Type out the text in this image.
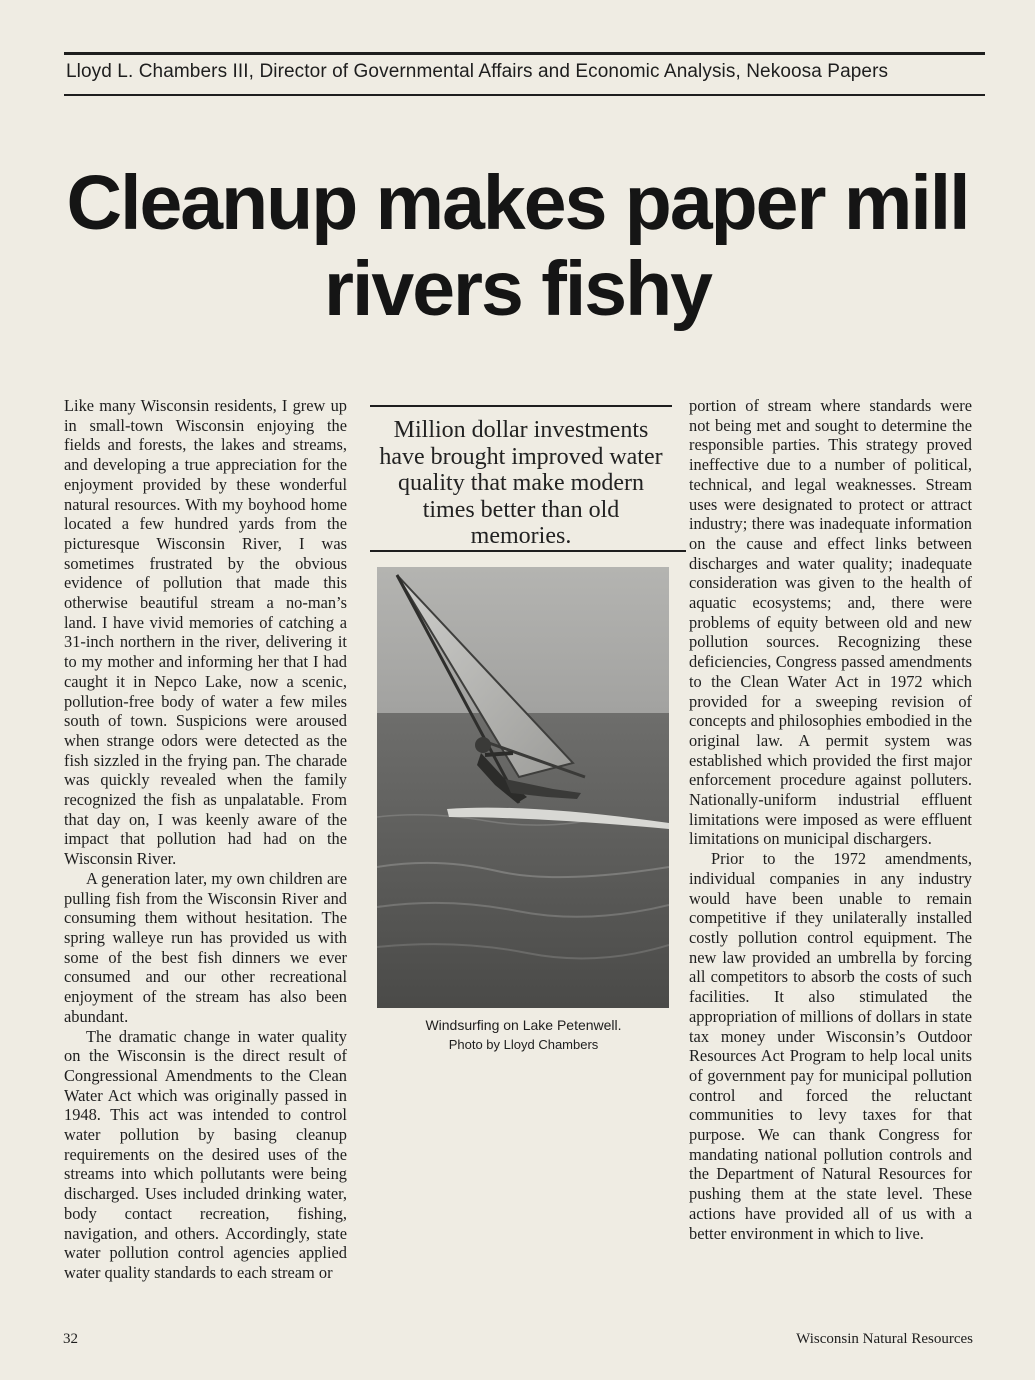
Lloyd L. Chambers III, Director of Governmental Affairs and Economic Analysis, Nekoosa Papers
Cleanup makes paper mill
rivers fishy

Like many Wisconsin residents, I grew up in small-town Wisconsin enjoying the fields and forests, the lakes and streams, and developing a true appreciation for the enjoyment provided by these wonderful natural resources. With my boyhood home located a few hundred yards from the picturesque Wisconsin River, I was sometimes frustrated by the obvious evidence of pollution that made this otherwise beautiful stream a no-man’s land. I have vivid memories of catching a 31-inch northern in the river, delivering it to my mother and informing her that I had caught it in Nepco Lake, now a scenic, pollution-free body of water a few miles south of town. Suspicions were aroused when strange odors were detected as the fish sizzled in the frying pan. The charade was quickly revealed when the family recognized the fish as unpalatable. From that day on, I was keenly aware of the impact that pollution had had on the Wisconsin River.

A generation later, my own children are pulling fish from the Wisconsin River and consuming them without hesitation. The spring walleye run has provided us with some of the best fish dinners we ever consumed and our other recreational enjoyment of the stream has also been abundant.

The dramatic change in water quality on the Wisconsin is the direct result of Congressional Amendments to the Clean Water Act which was originally passed in 1948. This act was intended to control water pollution by basing cleanup requirements on the desired uses of the streams into which pollutants were being discharged. Uses included drinking water, body contact recreation, fishing, navigation, and others. Accordingly, state water pollution control agencies applied water quality standards to each stream or

Million dollar investments have brought improved water quality that make modern times better than old memories.
Windsurfing on Lake Petenwell.
Photo by Lloyd Chambers

portion of stream where standards were not being met and sought to determine the responsible parties. This strategy proved ineffective due to a number of political, technical, and legal weaknesses. Stream uses were designated to protect or attract industry; there was inadequate information on the cause and effect links between discharges and water quality; inadequate consideration was given to the health of aquatic ecosystems; and, there were problems of equity between old and new pollution sources. Recognizing these deficiencies, Congress passed amendments to the Clean Water Act in 1972 which provided for a sweeping revision of concepts and philosophies embodied in the original law. A permit system was established which provided the first major enforcement procedure against polluters. Nationally-uniform industrial effluent limitations were imposed as were effluent limitations on municipal dischargers.

Prior to the 1972 amendments, individual companies in any industry would have been unable to remain competitive if they unilaterally installed costly pollution control equipment. The new law provided an umbrella by forcing all competitors to absorb the costs of such facilities. It also stimulated the appropriation of millions of dollars in state tax money under Wisconsin’s Outdoor Resources Act Program to help local units of government pay for municipal pollution control and forced the reluctant communities to levy taxes for that purpose. We can thank Congress for mandating national pollution controls and the Department of Natural Resources for pushing them at the state level. These actions have provided all of us with a better environment in which to live.

32	Wisconsin Natural Resources
